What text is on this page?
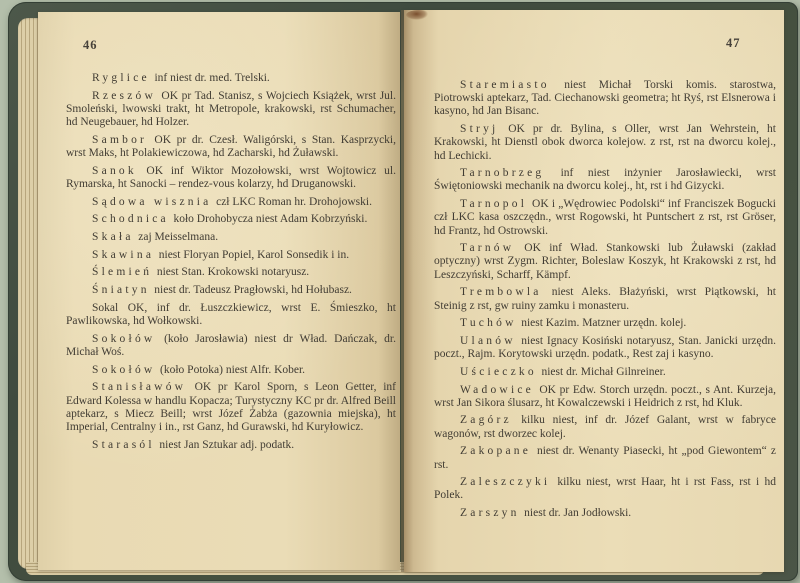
46

Ryglice inf niest dr. med. Trelski.

Rzeszów OK pr Tad. Stanisz, s Wojciech Książek, wrst Jul. Smoleński, lwowski trakt, ht Metropole, krakowski, rst Schumacher, hd Neugebauer, hd Holzer.

Sambor OK pr dr. Czesł. Waligórski, s Stan. Kasprzycki, wrst Maks, ht Polakiewiczowa, hd Zacharski, hd Żuławski.

Sanok OK inf Wiktor Mozołowski, wrst Wojtowicz ul. Rymarska, ht Sanocki – rendez-vous kolarzy, hd Druganowski.

Sądowa wisznia czł LKC Roman hr. Drohojowski.

Schodnica koło Drohobycza niest Adam Kobrzyński.

Skała zaj Meisselmana.

Skawina niest Floryan Popiel, Karol Sonsedik i in.

Ślemień niest Stan. Krokowski notaryusz.

Śniatyn niest dr. Tadeusz Pragłowski, hd Hołubasz.

Sokal OK, inf dr. Łuszczkiewicz, wrst E. Śmieszko, ht Pawlikowska, hd Wołkowski.

Sokołów (koło Jarosławia) niest dr Wład. Dańczak, dr. Michał Woś.

Sokołów (koło Potoka) niest Alfr. Kober.

Stanisławów OK pr Karol Sporn, s Leon Getter, inf Edward Kolessa w handlu Kopacza; Turystyczny KC pr dr. Alfred Beill aptekarz, s Miecz Beill; wrst Józef Żabża (gazownia miejska), ht Imperial, Centralny i in., rst Ganz, hd Gurawski, hd Kuryłowicz.

Starasól niest Jan Sztukar adj. podatk.

47

Staremiasto niest Michał Torski komis. starostwa, Piotrowski aptekarz, Tad. Ciechanowski geometra; ht Ryś, rst Elsnerowa i kasyno, hd Jan Bisanc.

Stryj OK pr dr. Bylina, s Oller, wrst Jan Wehrstein, ht Krakowski, ht Dienstl obok dworca kolejow. z rst, rst na dworcu kolej., hd Lechicki.

Tarnobrzeg inf niest inżynier Jarosławiecki, wrst Świętoniowski mechanik na dworcu kolej., ht, rst i hd Gizycki.

Tarnopol OK i „Wędrowiec Podolski“ inf Franciszek Bogucki czł LKC kasa oszczędn., wrst Rogowski, ht Puntschert z rst, rst Gröser, hd Frantz, hd Ostrowski.

Tarnów OK inf Wład. Stankowski lub Żuławski (zakład optyczny) wrst Zygm. Richter, Boleslaw Koszyk, ht Krakowski z rst, hd Leszczyński, Scharff, Kämpf.

Trembowla niest Aleks. Błażyński, wrst Piątkowski, ht Steinig z rst, gw ruiny zamku i monasteru.

Tuchów niest Kazim. Matzner urzędn. kolej.

Ulanów niest Ignacy Kosiński notaryusz, Stan. Janicki urzędn. poczt., Rajm. Korytowski urzędn. podatk., Rest zaj i kasyno.

Uścieczko niest dr. Michał Gilnreiner.

Wadowice OK pr Edw. Storch urzędn. poczt., s Ant. Kurzeja, wrst Jan Sikora ślusarz, ht Kowalczewski i Heidrich z rst, hd Kluk.

Zagórz kilku niest, inf dr. Józef Galant, wrst w fabryce wagonów, rst dworzec kolej.

Zakopane niest dr. Wenanty Piasecki, ht „pod Giewontem“ z rst.

Zaleszczyki kilku niest, wrst Haar, ht i rst Fass, rst i hd Polek.

Zarszyn niest dr. Jan Jodłowski.
